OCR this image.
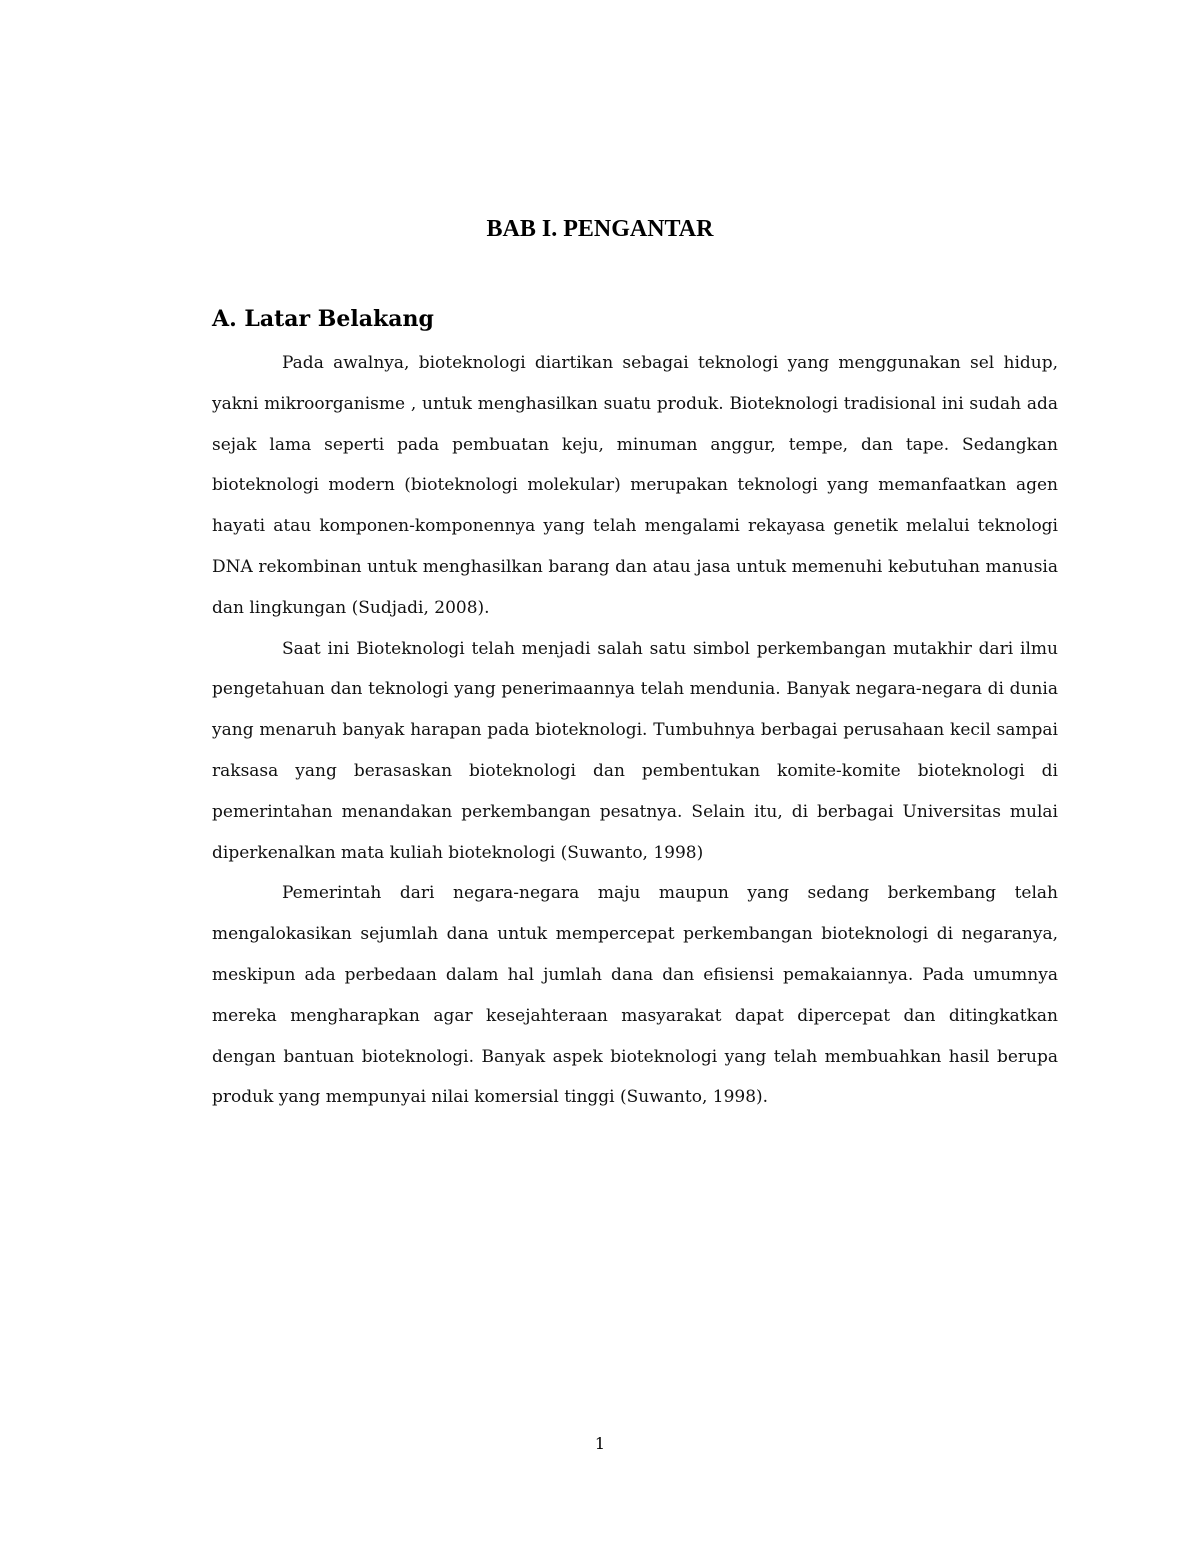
BAB I. PENGANTAR
A. Latar Belakang

Pada awalnya, bioteknologi diartikan sebagai teknologi yang menggunakan sel hidup, yakni mikroorganisme , untuk menghasilkan suatu produk. Bioteknologi tradisional ini sudah ada sejak lama seperti pada pembuatan keju, minuman anggur, tempe, dan tape. Sedangkan bioteknologi modern (bioteknologi molekular) merupakan teknologi yang memanfaatkan agen hayati atau komponen-komponennya yang telah mengalami rekayasa genetik melalui teknologi DNA rekombinan untuk menghasilkan barang dan atau jasa untuk memenuhi kebutuhan manusia dan lingkungan (Sudjadi, 2008).

Saat ini Bioteknologi telah menjadi salah satu simbol perkembangan mutakhir dari ilmu pengetahuan dan teknologi yang penerimaannya telah mendunia. Banyak negara-negara di dunia yang menaruh banyak harapan pada bioteknologi. Tumbuhnya berbagai perusahaan kecil sampai raksasa yang berasaskan bioteknologi dan pembentukan komite-komite bioteknologi di pemerintahan menandakan perkembangan pesatnya. Selain itu, di berbagai Universitas mulai diperkenalkan mata kuliah bioteknologi (Suwanto, 1998)

Pemerintah dari negara-negara maju maupun yang sedang berkembang telah mengalokasikan sejumlah dana untuk mempercepat perkembangan bioteknologi di negaranya, meskipun ada perbedaan dalam hal jumlah dana dan efisiensi pemakaiannya. Pada umumnya mereka mengharapkan agar kesejahteraan masyarakat dapat dipercepat dan ditingkatkan dengan bantuan bioteknologi. Banyak aspek bioteknologi yang telah membuahkan hasil berupa produk yang mempunyai nilai komersial tinggi (Suwanto, 1998).

1
